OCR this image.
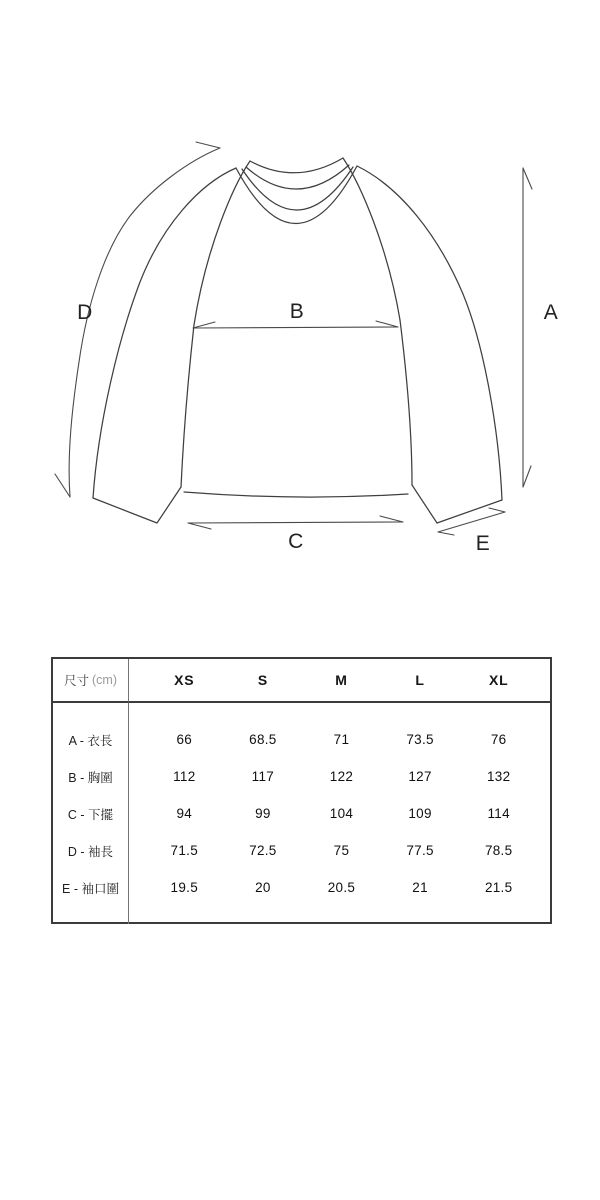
D	B	A
C	E
尺寸 (cm)	XS	S	M	L	XL
A - 衣長	66	68.5	71	73.5	76
B - 胸圍	112	117	122	127	132
C - 下擺	94	99	104	109	114
D - 袖長	71.5	72.5	75	77.5	78.5
E - 袖口圍	19.5	20	20.5	21	21.5
